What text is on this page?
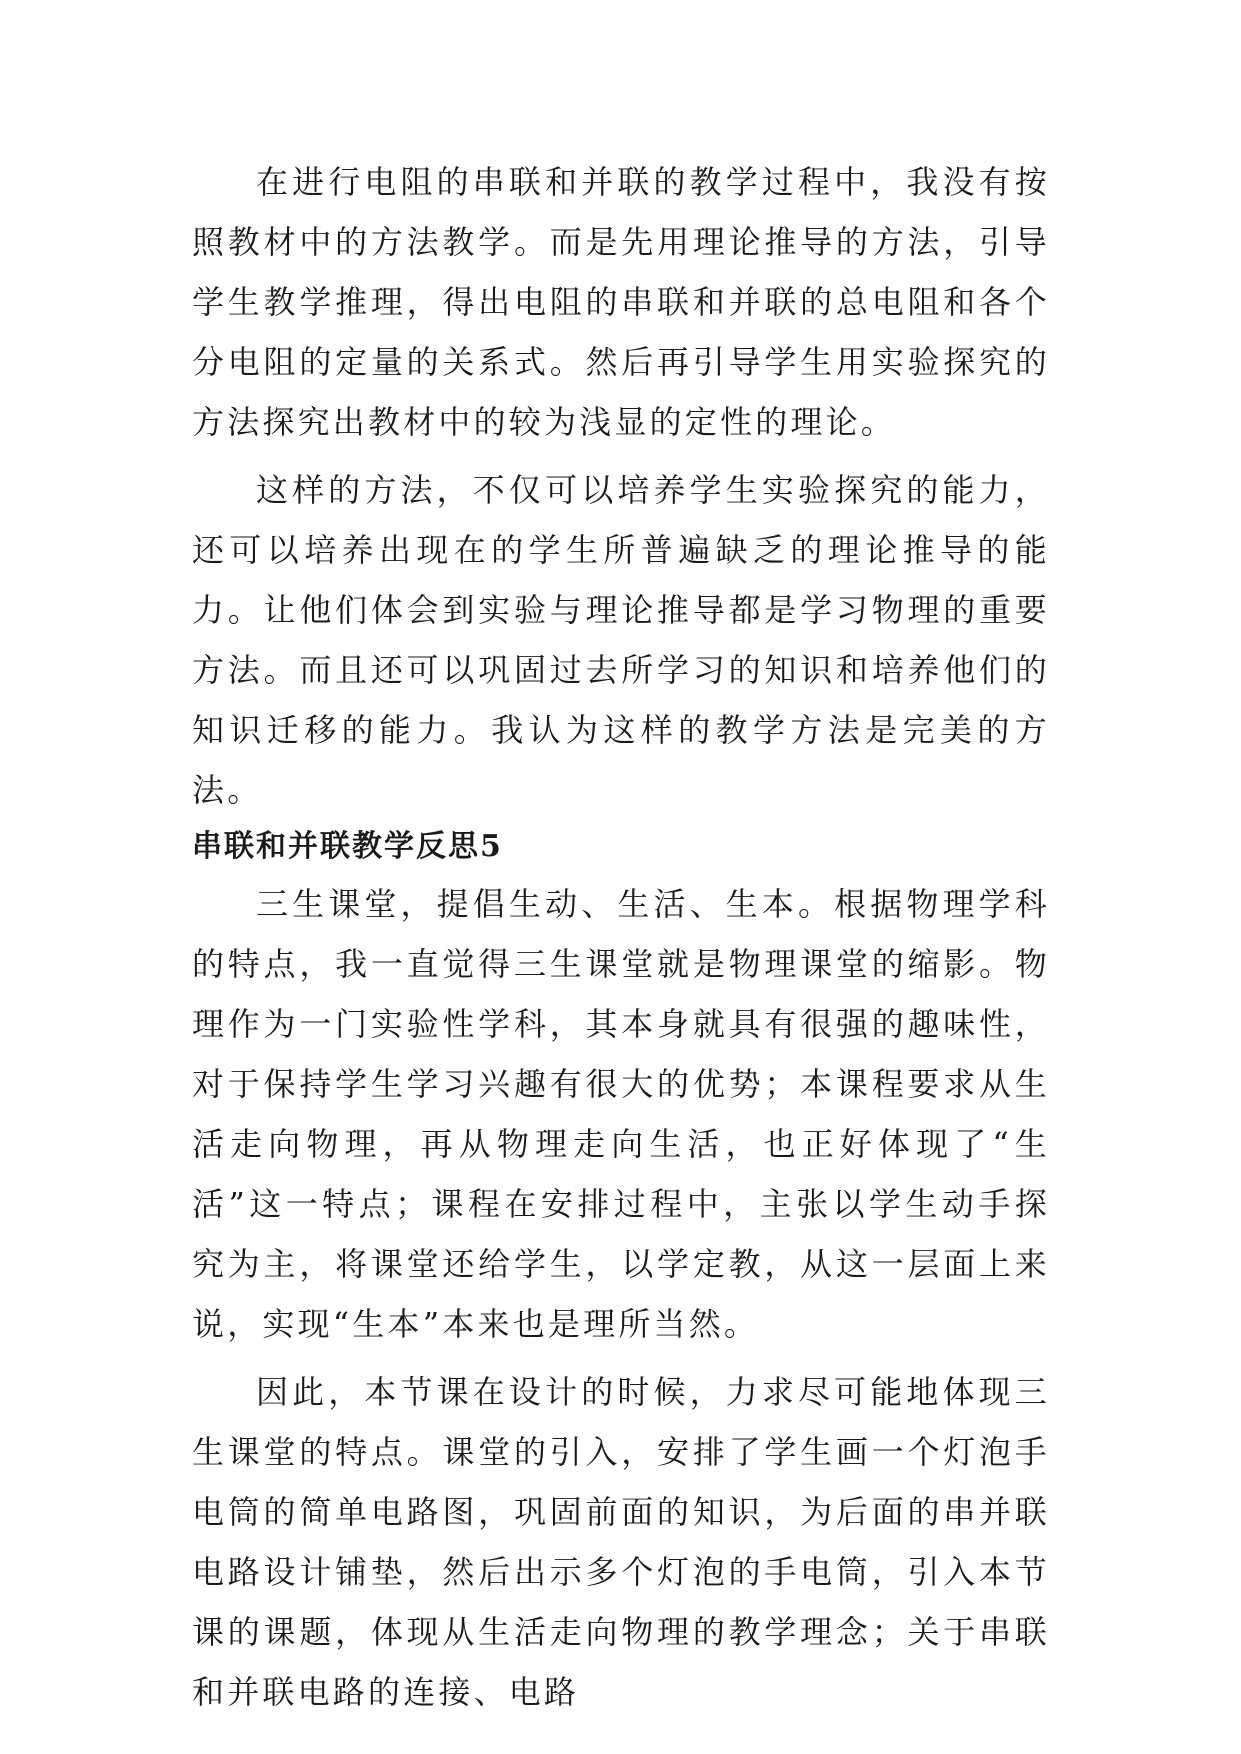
在进行电阻的串联和并联的教学过程中，我没有按照教材中的方法教学。而是先用理论推导的方法，引导学生教学推理，得出电阻的串联和并联的总电阻和各个分电阻的定量的关系式。然后再引导学生用实验探究的方法探究出教材中的较为浅显的定性的理论。

这样的方法，不仅可以培养学生实验探究的能力，还可以培养出现在的学生所普遍缺乏的理论推导的能力。让他们体会到实验与理论推导都是学习物理的重要方法。而且还可以巩固过去所学习的知识和培养他们的知识迁移的能力。我认为这样的教学方法是完美的方法。

串联和并联教学反思5

三生课堂，提倡生动、生活、生本。根据物理学科的特点，我一直觉得三生课堂就是物理课堂的缩影。物理作为一门实验性学科，其本身就具有很强的趣味性，对于保持学生学习兴趣有很大的优势；本课程要求从生活走向物理，再从物理走向生活，也正好体现了“生活”这一特点；课程在安排过程中，主张以学生动手探究为主，将课堂还给学生，以学定教，从这一层面上来说，实现“生本”本来也是理所当然。

因此，本节课在设计的时候，力求尽可能地体现三生课堂的特点。课堂的引入，安排了学生画一个灯泡手电筒的简单电路图，巩固前面的知识，为后面的串并联电路设计铺垫，然后出示多个灯泡的手电筒，引入本节课的课题，体现从生活走向物理的教学理念；关于串联和并联电路的连接、电路
